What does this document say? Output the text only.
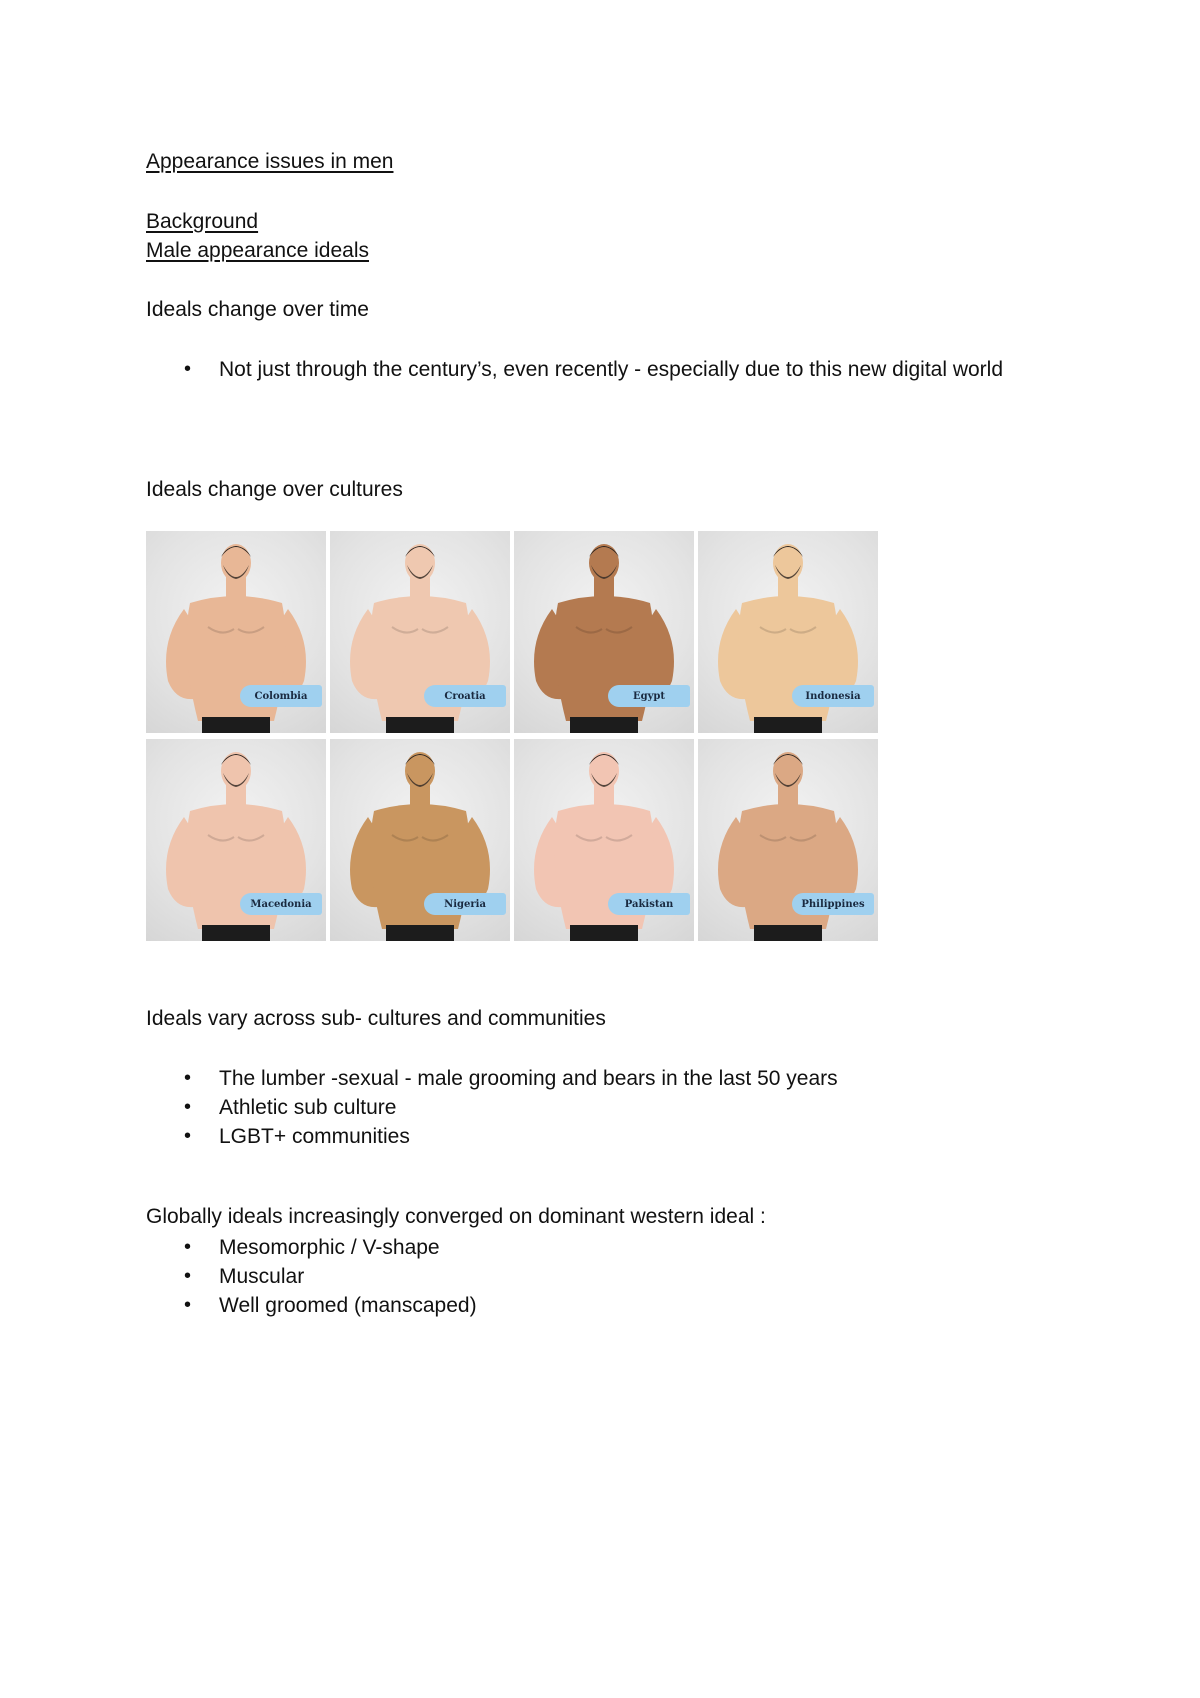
Appearance issues in men
Background
Male appearance ideals
Ideals change over time
• Not just through the century’s, even recently - especially due to this new digital world
Ideals change over cultures
Colombia	Croatia	Egypt	Indonesia
Macedonia	Nigeria	Pakistan	Philippines
Ideals vary across sub- cultures and communities
• The lumber -sexual - male grooming and bears in the last 50 years
• Athletic sub culture
• LGBT+ communities
Globally ideals increasingly converged on dominant western ideal :
• Mesomorphic / V-shape
• Muscular
• Well groomed (manscaped)
